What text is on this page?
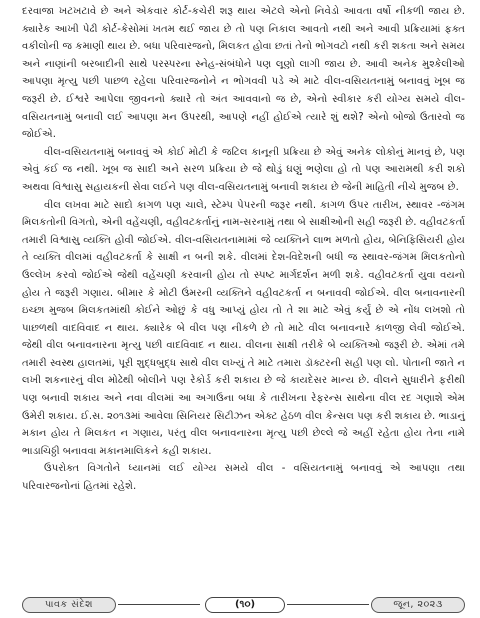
દરવાજા ખટખટાવે છે અને એકવાર કોર્ટ-કચેરી શરૂ થાય એટલે એનો નિવેડો આવતા વર્ષો નીકળી જાય છે. ક્યારેક આખી પેઢી કોર્ટ-કેસોમાં ખતમ થઈ જાય છે તો પણ નિકાલ આવતો નથી અને આવી પ્રક્રિયામાં ફક્ત વકીલોની જ કમાણી થાય છે. બધા પરિવારજનો, મિલકત હોવા છતાં તેનો ભોગવટો નથી કરી શકતા અને સમય અને નાણાંની બરબાદીની સાથે પરસ્પરના સ્નેહ-સંબંધોને પણ લૂણો લાગી જાય છે. આવી અનેક મુશ્કેલીઓ આપણા મૃત્યુ પછી પાછળ રહેલા પરિવારજનોને ન ભોગવવી પડે એ માટે વીલ-વસિયતનામું બનાવવું ખૂબ જ જરૂરી છે. ઈશ્વરે આપેલા જીવનનો ક્યારે તો અંત આવવાનો જ છે, એનો સ્વીકાર કરી યોગ્ય સમયે વીલ-વસિયતનામું બનાવી લઈ આપણા મન ઉપરથી, આપણે નહીં હોઈએ ત્યારે શું થશે? એનો બોજો ઉતારવો જ જોઈએ.

વીલ-વસિયતનામું બનાવવું એ કોઈ મોટી કે જટિલ કાનૂની પ્રક્રિયા છે એવું અનેક લોકોનું માનવું છે, પણ એવું કંઈ જ નથી. ખૂબ જ સાદી અને સરળ પ્રક્રિયા છે જે થોડું ઘણું ભણેલા હો તો પણ આરામથી કરી શકો અથવા વિશ્વાસુ સહાયકની સેવા લઈને પણ વીલ-વસિયતનામું બનાવી શકાય છે જેની માહિતી નીચે મુજબ છે.

વીલ લખવા માટે સાદો કાગળ પણ ચાલે, સ્ટેમ્પ પેપરની જરૂર નથી. કાગળ ઉપર તારીખ, સ્થાવર -જંગમ મિલકતોની વિગતો, એની વહેંચણી, વહીવટકર્તાનું નામ-સરનામું તથા બે સાક્ષીઓની સહી જરૂરી છે. વહીવટકર્તા તમારી વિશ્વાસુ વ્યક્તિ હોવી જોઈએ. વીલ-વસિયતનામામાં જે વ્યક્તિને લાભ મળતો હોય, બેનિફિસિયરી હોય તે વ્યક્તિ વીલમાં વહીવટકર્તા કે સાક્ષી ન બની શકે. વીલમાં દેશ-વિદેશની બધી જ સ્થાવર-જંગમ મિલકતોનો ઉલ્લેખ કરવો જોઈએ જેથી વહેંચણી કરવાની હોય તો સ્પષ્ટ માર્ગદર્શન મળી શકે. વહીવટકર્તા યુવા વયનો હોય તે જરૂરી ગણાય. બીમાર કે મોટી ઉંમરની વ્યક્તિને વહીવટકર્તા ન બનાવવી જોઈએ. વીલ બનાવનારની ઇચ્છા મુજબ મિલકતમાંથી કોઈને ઓછું કે વધુ આપ્યું હોય તો તે શા માટે એવું કર્યું છે એ નોંધ લખશો તો પાછળથી વાદવિવાદ ન થાય. ક્યારેક બે વીલ પણ નીકળે છે તો માટે વીલ બનાવનારે કાળજી લેવી જોઈએ. જેથી વીલ બનાવનારના મૃત્યુ પછી વાદવિવાદ ન થાય. વીલના સાક્ષી તરીકે બે વ્યક્તિઓ જરૂરી છે. એમાં તમે તમારી સ્વસ્થ હાલતમાં, પૂરી શુદ્ધબુદ્ધ સાથે વીલ લખ્યું તે માટે તમારા ડૉક્ટરની સહી પણ લો. પોતાની જાતે ન લખી શકનારનું વીલ મોઢેથી બોલીને પણ રેકોર્ડ કરી શકાય છે જે કાયદેસર માન્ય છે. વીલને સુધારીને ફરીથી પણ બનાવી શકાય અને નવા વીલમાં આ અગાઉના બધા કે તારીખના રેફરન્સ સાથેના વીલ રદ ગણાશે એમ ઉમેરી શકાય. ઈ.સ. ૨૦૧૩માં આવેલા સિનિયર સિટીઝન એક્ટ હેઠળ વીલ કેન્સલ પણ કરી શકાય છે. ભાડાનું મકાન હોય તે મિલકત ન ગણાય, પરંતુ વીલ બનાવનારના મૃત્યુ પછી છેલ્લે જે અહીં રહેતા હોય તેના નામે ભાડાચિઠ્ઠી બનાવવા મકાનમાલિકને કહી શકાય.

ઉપરોક્ત વિગતોને ધ્યાનમાં લઈ યોગ્ય સમયે વીલ - વસિયતનામું બનાવવું એ આપણા તથા પરિવારજનોનાં હિતમાં રહેશે.

પાવક સંદેશ	(૧૦)	જૂન, ૨૦૨૩
